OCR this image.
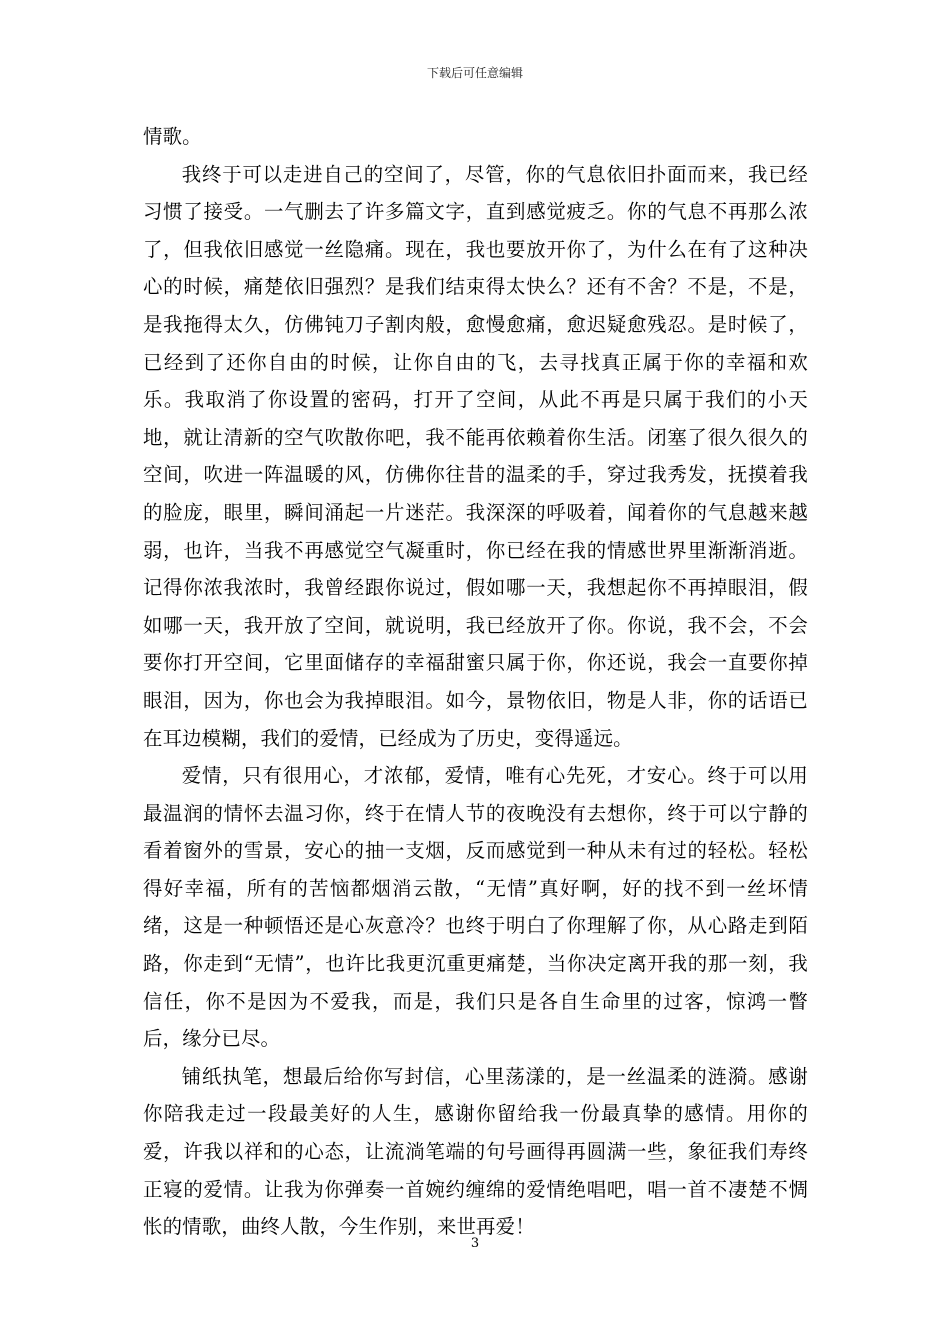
下载后可任意编辑

情歌。

我终于可以走进自己的空间了，尽管，你的气息依旧扑面而来，我已经习惯了接受。一气删去了许多篇文字，直到感觉疲乏。你的气息不再那么浓了，但我依旧感觉一丝隐痛。现在，我也要放开你了，为什么在有了这种决心的时候，痛楚依旧强烈？是我们结束得太快么？还有不舍？不是，不是，是我拖得太久，仿佛钝刀子割肉般，愈慢愈痛，愈迟疑愈残忍。是时候了，已经到了还你自由的时候，让你自由的飞，去寻找真正属于你的幸福和欢乐。我取消了你设置的密码，打开了空间，从此不再是只属于我们的小天地，就让清新的空气吹散你吧，我不能再依赖着你生活。闭塞了很久很久的空间，吹进一阵温暖的风，仿佛你往昔的温柔的手，穿过我秀发，抚摸着我的脸庞，眼里，瞬间涌起一片迷茫。我深深的呼吸着，闻着你的气息越来越弱，也许，当我不再感觉空气凝重时，你已经在我的情感世界里渐渐消逝。记得你浓我浓时，我曾经跟你说过，假如哪一天，我想起你不再掉眼泪，假如哪一天，我开放了空间，就说明，我已经放开了你。你说，我不会，不会要你打开空间，它里面储存的幸福甜蜜只属于你，你还说，我会一直要你掉眼泪，因为，你也会为我掉眼泪。如今，景物依旧，物是人非，你的话语已在耳边模糊，我们的爱情，已经成为了历史，变得遥远。

爱情，只有很用心，才浓郁，爱情，唯有心先死，才安心。终于可以用最温润的情怀去温习你，终于在情人节的夜晚没有去想你，终于可以宁静的看着窗外的雪景，安心的抽一支烟，反而感觉到一种从未有过的轻松。轻松得好幸福，所有的苦恼都烟消云散，“无情”真好啊，好的找不到一丝坏情绪，这是一种顿悟还是心灰意冷？也终于明白了你理解了你，从心路走到陌路，你走到“无情”，也许比我更沉重更痛楚，当你决定离开我的那一刻，我信任，你不是因为不爱我，而是，我们只是各自生命里的过客，惊鸿一瞥后，缘分已尽。

铺纸执笔，想最后给你写封信，心里荡漾的，是一丝温柔的涟漪。感谢你陪我走过一段最美好的人生，感谢你留给我一份最真挚的感情。用你的爱，许我以祥和的心态，让流淌笔端的句号画得再圆满一些，象征我们寿终正寝的爱情。让我为你弹奏一首婉约缠绵的爱情绝唱吧，唱一首不凄楚不惆怅的情歌，曲终人散，今生作别，来世再爱！

3
